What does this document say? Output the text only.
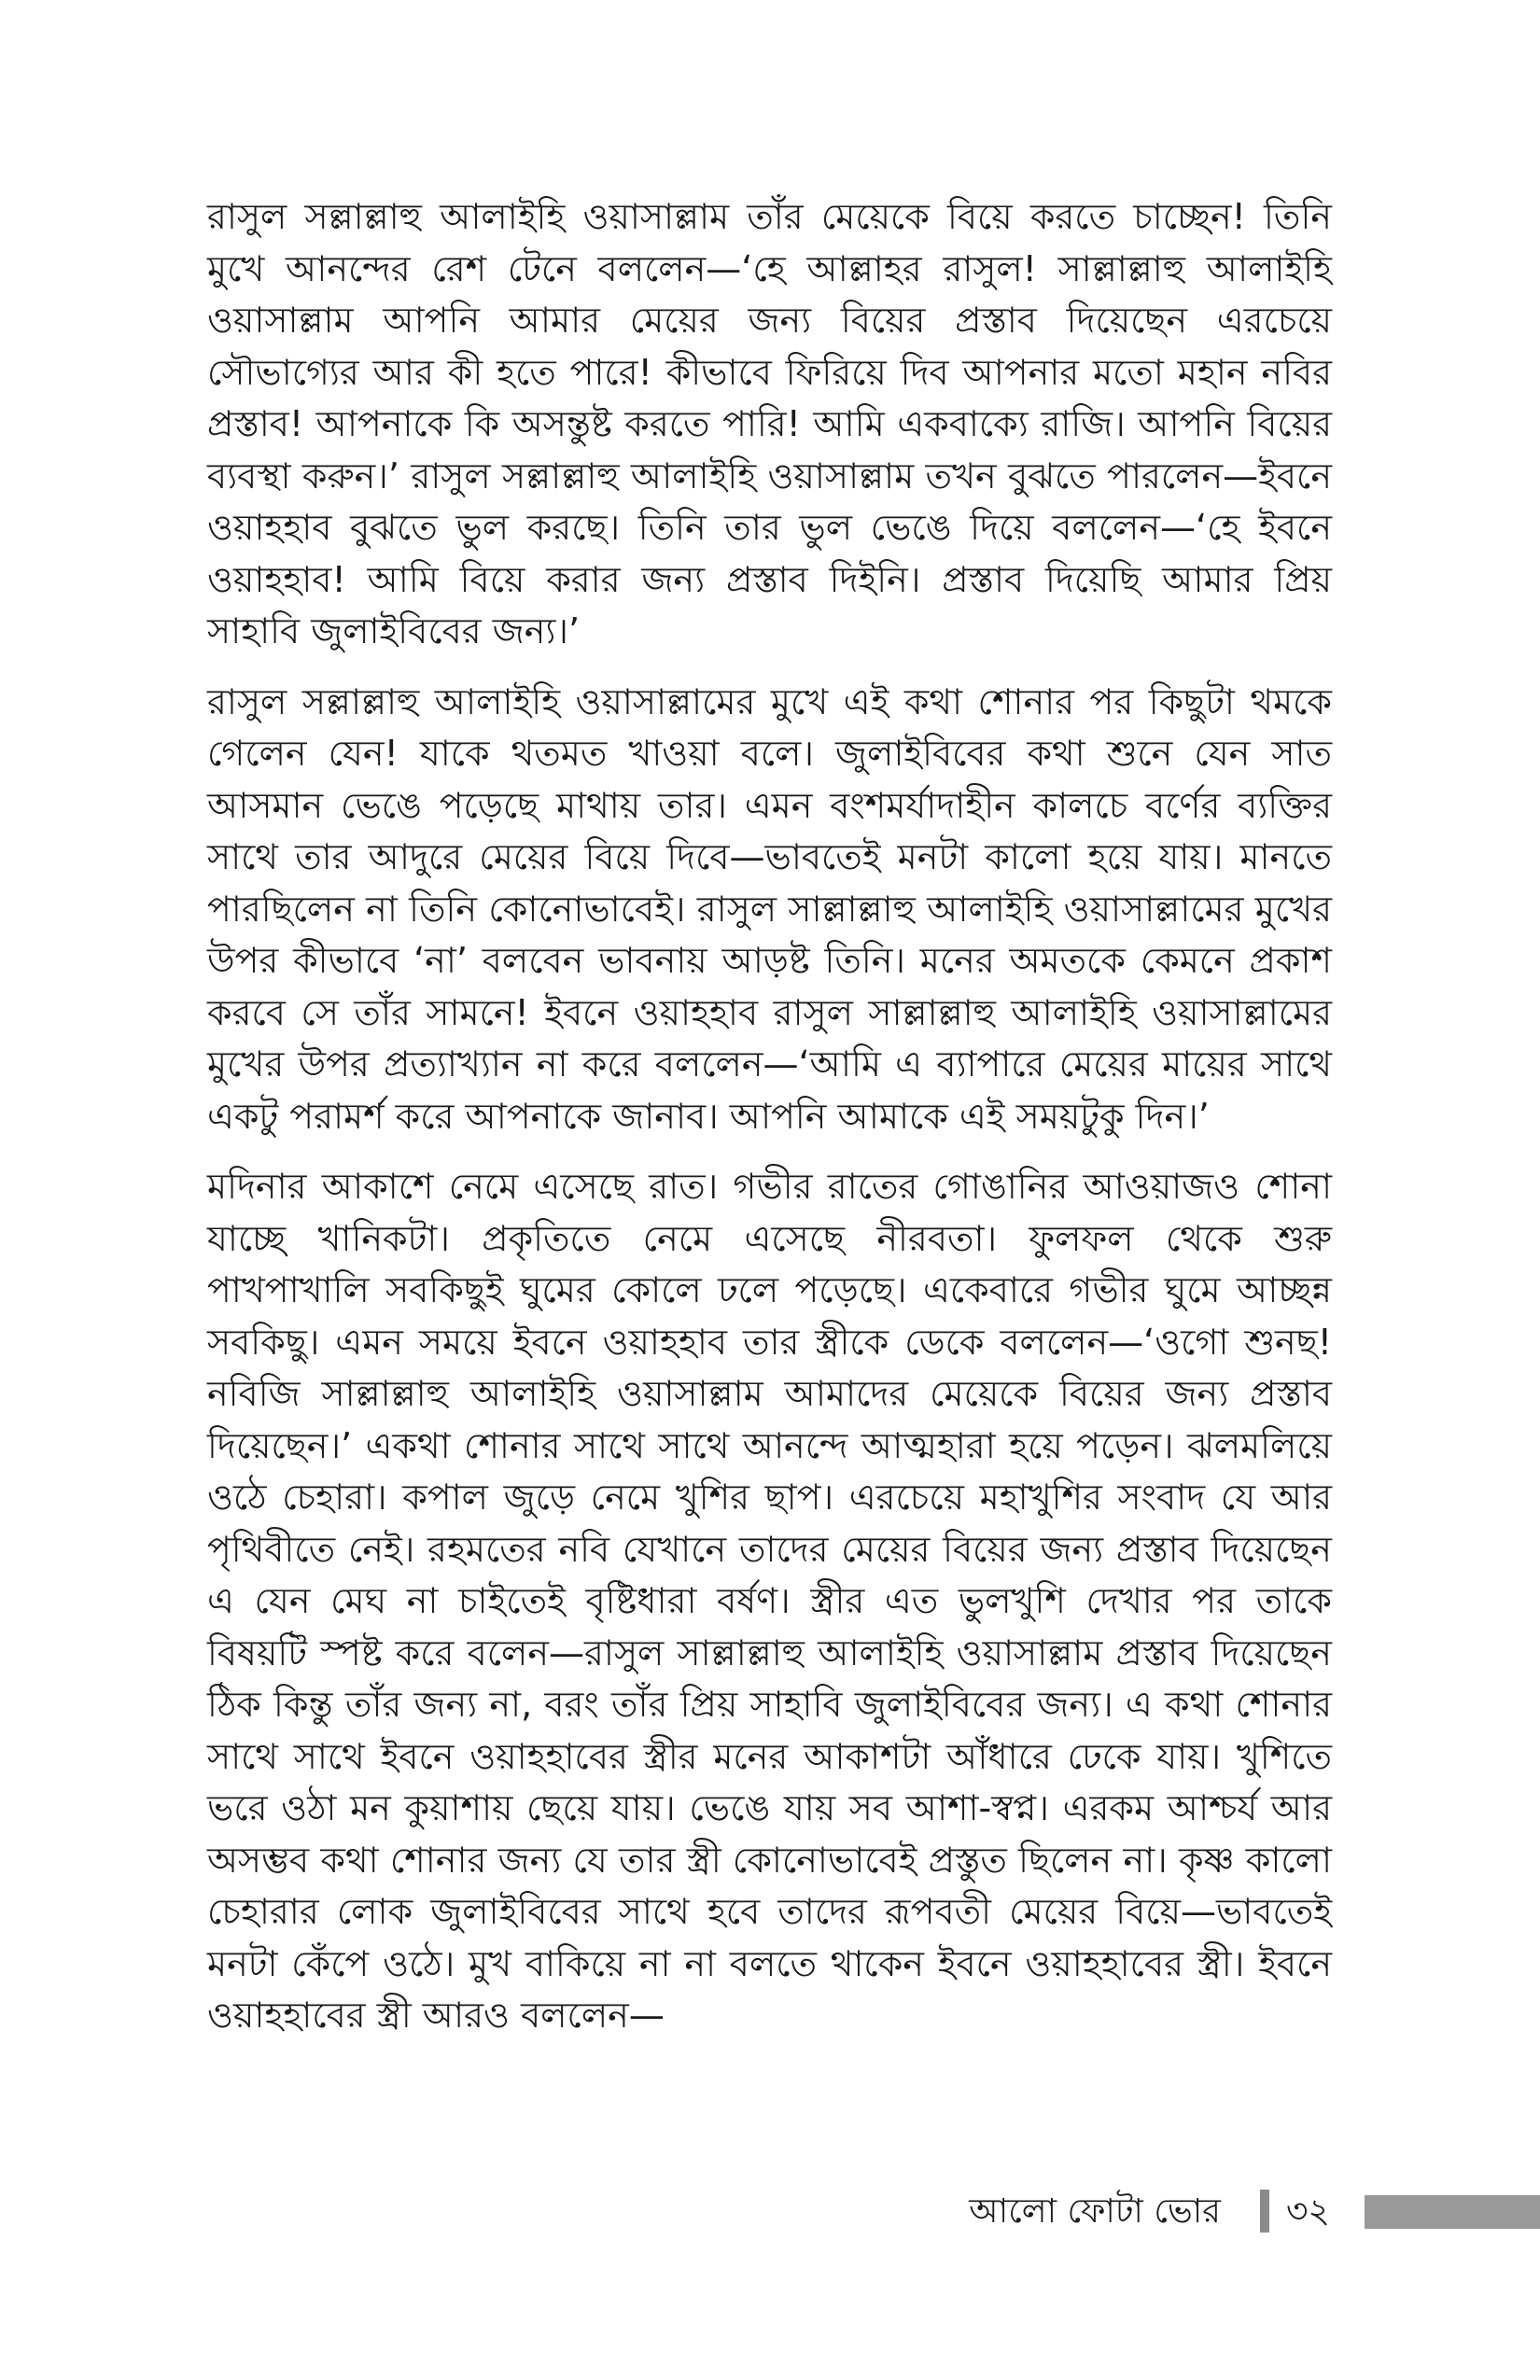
রাসুল সল্লাল্লাহু আলাইহি ওয়াসাল্লাম তাঁর মেয়েকে বিয়ে করতে চাচ্ছেন! তিনি মুখে আনন্দের রেশ টেনে বললেন—‘হে আল্লাহর রাসুল! সাল্লাল্লাহু আলাইহি ওয়াসাল্লাম আপনি আমার মেয়ের জন্য বিয়ের প্রস্তাব দিয়েছেন এরচেয়ে সৌভাগ্যের আর কী হতে পারে! কীভাবে ফিরিয়ে দিব আপনার মতো মহান নবির প্রস্তাব! আপনাকে কি অসন্তুষ্ট করতে পারি! আমি একবাক্যে রাজি। আপনি বিয়ের ব্যবস্থা করুন।’ রাসুল সল্লাল্লাহু আলাইহি ওয়াসাল্লাম তখন বুঝতে পারলেন—ইবনে ওয়াহহাব বুঝতে ভুল করছে। তিনি তার ভুল ভেঙে দিয়ে বললেন—‘হে ইবনে ওয়াহহাব! আমি বিয়ে করার জন্য প্রস্তাব দিইনি। প্রস্তাব দিয়েছি আমার প্রিয় সাহাবি জুলাইবিবের জন্য।’

রাসুল সল্লাল্লাহু আলাইহি ওয়াসাল্লামের মুখে এই কথা শোনার পর কিছুটা থমকে গেলেন যেন! যাকে থতমত খাওয়া বলে। জুলাইবিবের কথা শুনে যেন সাত আসমান ভেঙে পড়েছে মাথায় তার। এমন বংশমর্যাদাহীন কালচে বর্ণের ব্যক্তির সাথে তার আদুরে মেয়ের বিয়ে দিবে—ভাবতেই মনটা কালো হয়ে যায়। মানতে পারছিলেন না তিনি কোনোভাবেই। রাসুল সাল্লাল্লাহু আলাইহি ওয়াসাল্লামের মুখের উপর কীভাবে ‘না’ বলবেন ভাবনায় আড়ষ্ট তিনি। মনের অমতকে কেমনে প্রকাশ করবে সে তাঁর সামনে! ইবনে ওয়াহহাব রাসুল সাল্লাল্লাহু আলাইহি ওয়াসাল্লামের মুখের উপর প্রত্যাখ্যান না করে বললেন—‘আমি এ ব্যাপারে মেয়ের মায়ের সাথে একটু পরামর্শ করে আপনাকে জানাব। আপনি আমাকে এই সময়টুকু দিন।’

মদিনার আকাশে নেমে এসেছে রাত। গভীর রাতের গোঙানির আওয়াজও শোনা যাচ্ছে খানিকটা। প্রকৃতিতে নেমে এসেছে নীরবতা। ফুলফল থেকে শুরু পাখপাখালি সবকিছুই ঘুমের কোলে ঢলে পড়েছে। একেবারে গভীর ঘুমে আচ্ছন্ন সবকিছু। এমন সময়ে ইবনে ওয়াহহাব তার স্ত্রীকে ডেকে বললেন—‘ওগো শুনছ! নবিজি সাল্লাল্লাহু আলাইহি ওয়াসাল্লাম আমাদের মেয়েকে বিয়ের জন্য প্রস্তাব দিয়েছেন।’ একথা শোনার সাথে সাথে আনন্দে আত্মহারা হয়ে পড়েন। ঝলমলিয়ে ওঠে চেহারা। কপাল জুড়ে নেমে খুশির ছাপ। এরচেয়ে মহাখুশির সংবাদ যে আর পৃথিবীতে নেই। রহমতের নবি যেখানে তাদের মেয়ের বিয়ের জন্য প্রস্তাব দিয়েছেন এ যেন মেঘ না চাইতেই বৃষ্টিধারা বর্ষণ। স্ত্রীর এত ভুলখুশি দেখার পর তাকে বিষয়টি স্পষ্ট করে বলেন—রাসুল সাল্লাল্লাহু আলাইহি ওয়াসাল্লাম প্রস্তাব দিয়েছেন ঠিক কিন্তু তাঁর জন্য না, বরং তাঁর প্রিয় সাহাবি জুলাইবিবের জন্য। এ কথা শোনার সাথে সাথে ইবনে ওয়াহহাবের স্ত্রীর মনের আকাশটা আঁধারে ঢেকে যায়। খুশিতে ভরে ওঠা মন কুয়াশায় ছেয়ে যায়। ভেঙে যায় সব আশা-স্বপ্ন। এরকম আশ্চর্য আর অসম্ভব কথা শোনার জন্য যে তার স্ত্রী কোনোভাবেই প্রস্তুত ছিলেন না। কৃষ্ণ কালো চেহারার লোক জুলাইবিবের সাথে হবে তাদের রূপবতী মেয়ের বিয়ে—ভাবতেই মনটা কেঁপে ওঠে। মুখ বাকিয়ে না না বলতে থাকেন ইবনে ওয়াহহাবের স্ত্রী। ইবনে ওয়াহহাবের স্ত্রী আরও বললেন—

আলো ফোটা ভোর ৩২
